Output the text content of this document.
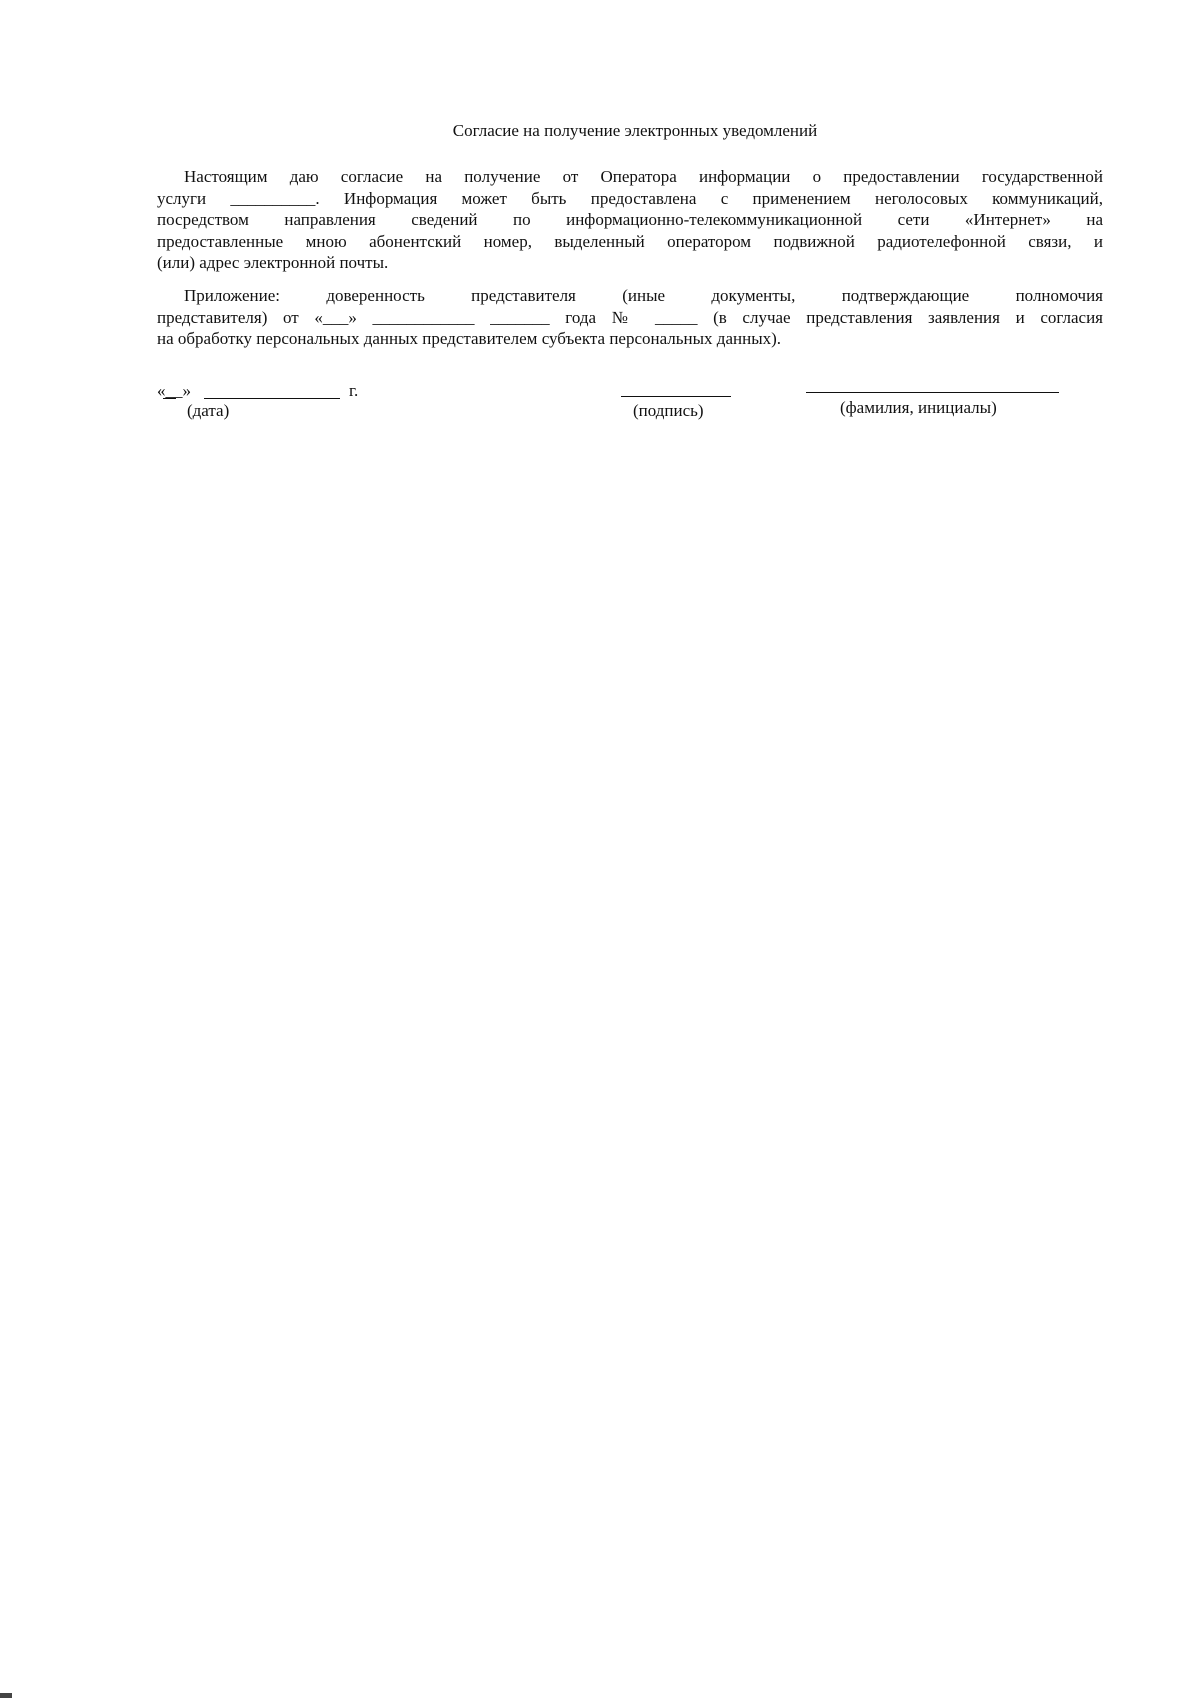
Согласие на получение электронных уведомлений
Настоящим даю согласие на получение от Оператора информации о предоставлении государственной
услуги __________. Информация может быть предоставлена с применением неголосовых коммуникаций,
посредством направления сведений по информационно-телекоммуникационной сети «Интернет» на
предоставленные мною абонентский номер, выделенный оператором подвижной радиотелефонной связи, и
(или) адрес электронной почты.
Приложение: доверенность представителя (иные документы, подтверждающие полномочия
представителя) от «___» ____________ _______ года № _____ (в случае представления заявления и согласия
на обработку персональных данных представителем субъекта персональных данных).
«__»	г.
(дата)	(подпись)	(фамилия, инициалы)
